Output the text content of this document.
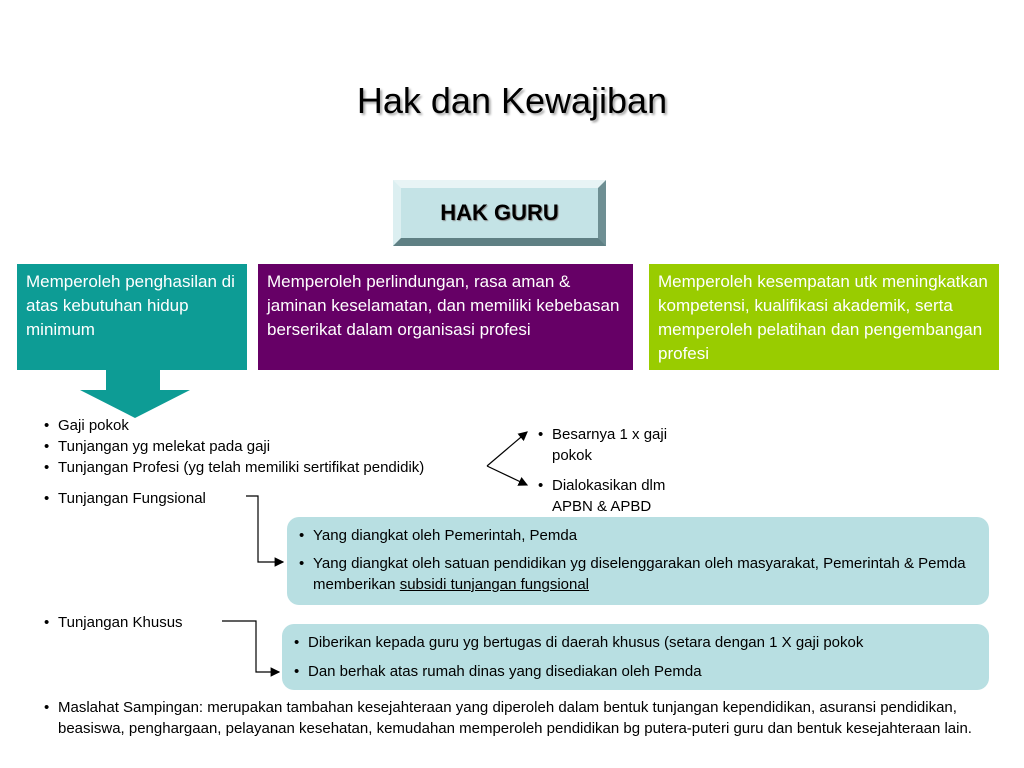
Hak dan Kewajiban
HAK GURU
Memperoleh penghasilan di atas kebutuhan hidup minimum
Memperoleh perlindungan, rasa aman & jaminan keselamatan, dan memiliki kebebasan berserikat dalam organisasi profesi
Memperoleh kesempatan utk meningkatkan kompetensi, kualifikasi akademik, serta memperoleh pelatihan dan pengembangan profesi
• Gaji pokok
• Tunjangan yg melekat pada gaji
• Tunjangan Profesi (yg telah memiliki sertifikat pendidik)
• Besarnya 1 x gaji pokok
• Dialokasikan dlm APBN & APBD
• Tunjangan Fungsional
• Yang diangkat oleh Pemerintah, Pemda
• Yang diangkat oleh satuan pendidikan yg diselenggarakan oleh masyarakat, Pemerintah & Pemda memberikan subsidi tunjangan fungsional
• Tunjangan Khusus
• Diberikan kepada guru yg bertugas di daerah khusus (setara dengan 1 X gaji pokok
• Dan berhak atas rumah dinas yang disediakan oleh Pemda
• Maslahat Sampingan: merupakan tambahan kesejahteraan yang diperoleh dalam bentuk tunjangan kependidikan, asuransi pendidikan, beasiswa, penghargaan, pelayanan kesehatan, kemudahan memperoleh pendidikan bg putera-puteri guru dan bentuk kesejahteraan lain.
